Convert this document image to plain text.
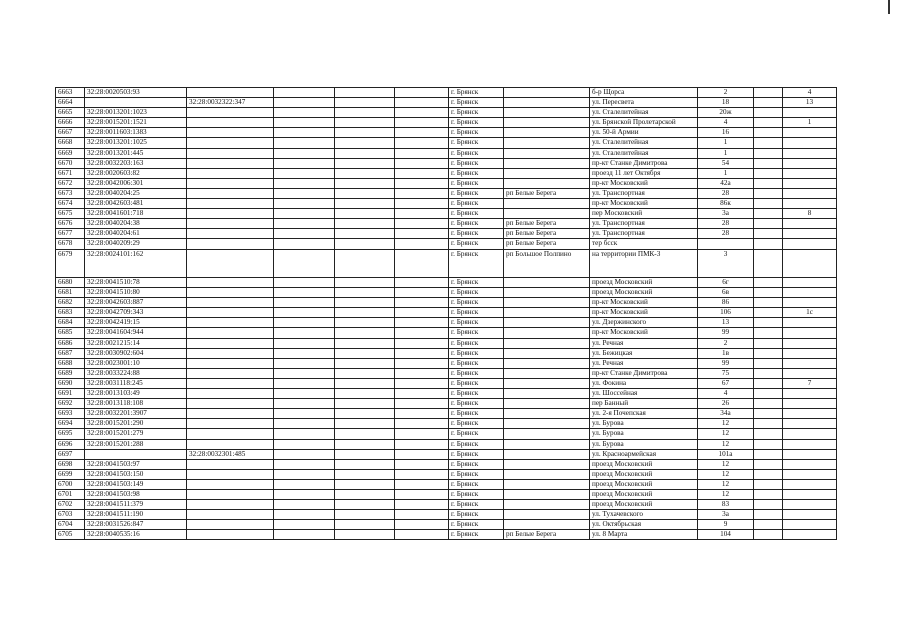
6663	32:28:0020503:93					г. Брянск		б-р Щорса	2		4
6664		32:28:0032322:347				г. Брянск		ул. Пересвета	18		13
6665	32:28:0013201:1023					г. Брянск		ул. Сталелитейная	20ж		
6666	32:28:0015201:1521					г. Брянск		ул. Брянской Пролетарской	4		1
6667	32:28:0011603:1383					г. Брянск		ул. 50-й Армии	16		
6668	32:28:0013201:1025					г. Брянск		ул. Сталелитейная	1		
6669	32:28:0013201:445					г. Брянск		ул. Сталелитейная	1		
6670	32:28:0032203:163					г. Брянск		пр-кт Станке Димитрова	54		
6671	32:28:0020603:82					г. Брянск		проезд 11 лет Октября	1		
6672	32:28:0042006:301					г. Брянск		пр-кт Московский	42а		
6673	32:28:0040204:25					г. Брянск	рп Белые Берега	ул. Транспортная	28		
6674	32:28:0042603:481					г. Брянск		пр-кт Московский	86к		
6675	32:28:0041601:718					г. Брянск		пер Московский	3а		8
6676	32:28:0040204:38					г. Брянск	рп Белые Берега	ул. Транспортная	28		
6677	32:28:0040204:61					г. Брянск	рп Белые Берега	ул. Транспортная	28		
6678	32:28:0040209:29					г. Брянск	рп Белые Берега	тер бсск			
6679	32:28:0024101:162					г. Брянск	рп Большое Полпино	на территории ПМК-3	3		
6680	32:28:0041510:78					г. Брянск		проезд Московский	6г		
6681	32:28:0041510:80					г. Брянск		проезд Московский	6в		
6682	32:28:0042603:887					г. Брянск		пр-кт Московский	86		
6683	32:28:0042709:343					г. Брянск		пр-кт Московский	106		1с
6684	32:28:0042419:15					г. Брянск		ул. Дзержинского	13		
6685	32:28:0041604:944					г. Брянск		пр-кт Московский	99		
6686	32:28:0021215:14					г. Брянск		ул. Речная	2		
6687	32:28:0030902:604					г. Брянск		ул. Бежицкая	1в		
6688	32:28:0023001:10					г. Брянск		ул. Речная	99		
6689	32:28:0033224:88					г. Брянск		пр-кт Станке Димитрова	75		
6690	32:28:0031118:245					г. Брянск		ул. Фокина	67		7
6691	32:28:0013103:49					г. Брянск		ул. Шоссейная	4		
6692	32:28:0013118:108					г. Брянск		пер Банный	26		
6693	32:28:0032201:3907					г. Брянск		ул. 2-я Почепская	34а		
6694	32:28:0015201:290					г. Брянск		ул. Бурова	12		
6695	32:28:0015201:279					г. Брянск		ул. Бурова	12		
6696	32:28:0015201:288					г. Брянск		ул. Бурова	12		
6697		32:28:0032301:485				г. Брянск		ул. Красноармейская	101а		
6698	32:28:0041503:97					г. Брянск		проезд Московский	12		
6699	32:28:0041503:150					г. Брянск		проезд Московский	12		
6700	32:28:0041503:149					г. Брянск		проезд Московский	12		
6701	32:28:0041503:98					г. Брянск		проезд Московский	12		
6702	32:28:0041511:379					г. Брянск		проезд Московский	83		
6703	32:28:0041511:190					г. Брянск		ул. Тухачевского	3а		
6704	32:28:0031526:847					г. Брянск		ул. Октябрьская	9		
6705	32:28:0040535:16					г. Брянск	рп Белые Берега	ул. 8 Марта	104		
